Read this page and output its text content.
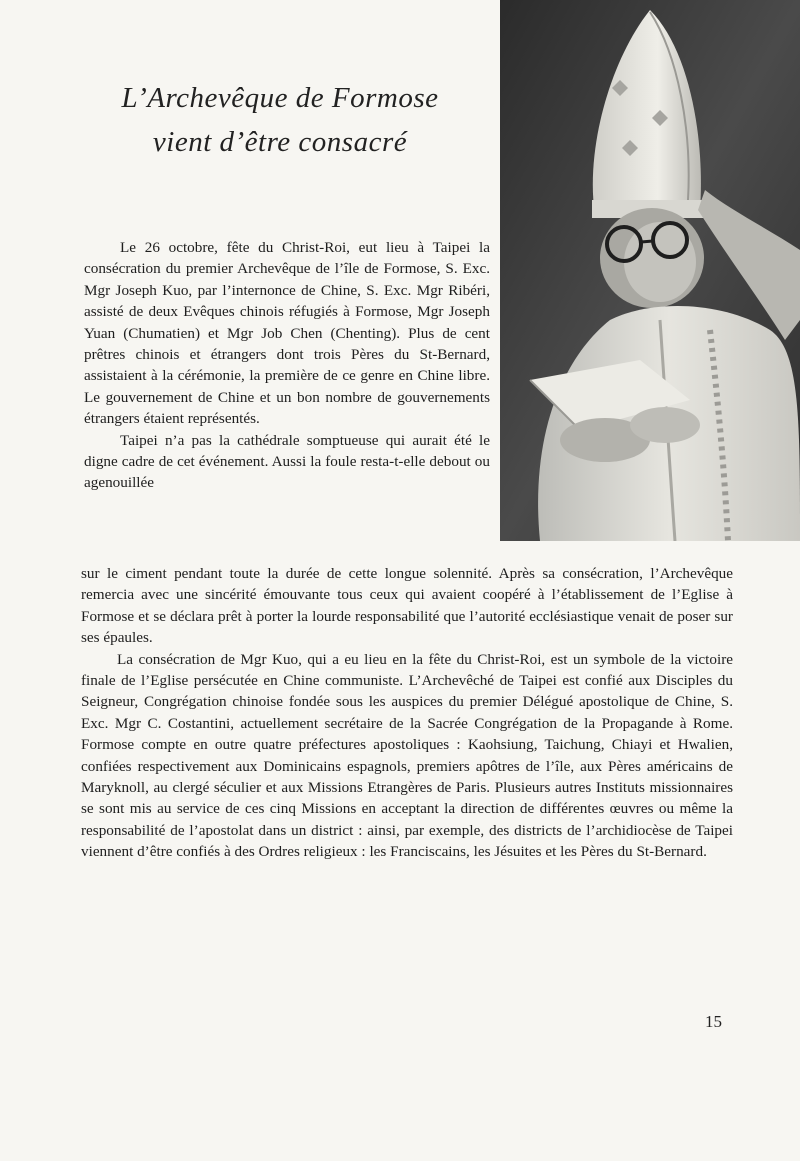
L’Archevêque de Formose
vient d’être consacré

Le 26 octobre, fête du Christ-Roi, eut lieu à Taipei la consécration du premier Archevêque de l’île de Formose, S. Exc. Mgr Joseph Kuo, par l’internonce de Chine, S. Exc. Mgr Ribéri, assisté de deux Evêques chinois réfugiés à Formose, Mgr Joseph Yuan (Chumatien) et Mgr Job Chen (Chenting). Plus de cent prêtres chinois et étrangers dont trois Pères du St-Bernard, assistaient à la cérémonie, la première de ce genre en Chine libre. Le gouvernement de Chine et un bon nombre de gouvernements étrangers étaient représentés.

Taipei n’a pas la cathédrale somptueuse qui aurait été le digne cadre de cet événement. Aussi la foule resta-t-elle debout ou agenouillée

sur le ciment pendant toute la durée de cette longue solennité. Après sa consécration, l’Archevêque remercia avec une sincérité émouvante tous ceux qui avaient coopéré à l’établissement de l’Eglise à Formose et se déclara prêt à porter la lourde responsabilité que l’autorité ecclésiastique venait de poser sur ses épaules.

La consécration de Mgr Kuo, qui a eu lieu en la fête du Christ-Roi, est un symbole de la victoire finale de l’Eglise persécutée en Chine communiste. L’Archevêché de Taipei est confié aux Disciples du Seigneur, Congrégation chinoise fondée sous les auspices du premier Délégué apostolique de Chine, S. Exc. Mgr C. Costantini, actuellement secrétaire de la Sacrée Congrégation de la Propagande à Rome. Formose compte en outre quatre préfectures apostoliques : Kaohsiung, Taichung, Chiayi et Hwalien, confiées respectivement aux Dominicains espagnols, premiers apôtres de l’île, aux Pères américains de Maryknoll, au clergé séculier et aux Missions Etrangères de Paris. Plusieurs autres Instituts missionnaires se sont mis au service de ces cinq Missions en acceptant la direction de différentes œuvres ou même la responsabilité de l’apostolat dans un district : ainsi, par exemple, des districts de l’archidiocèse de Taipei viennent d’être confiés à des Ordres religieux : les Franciscains, les Jésuites et les Pères du St-Bernard.

15
